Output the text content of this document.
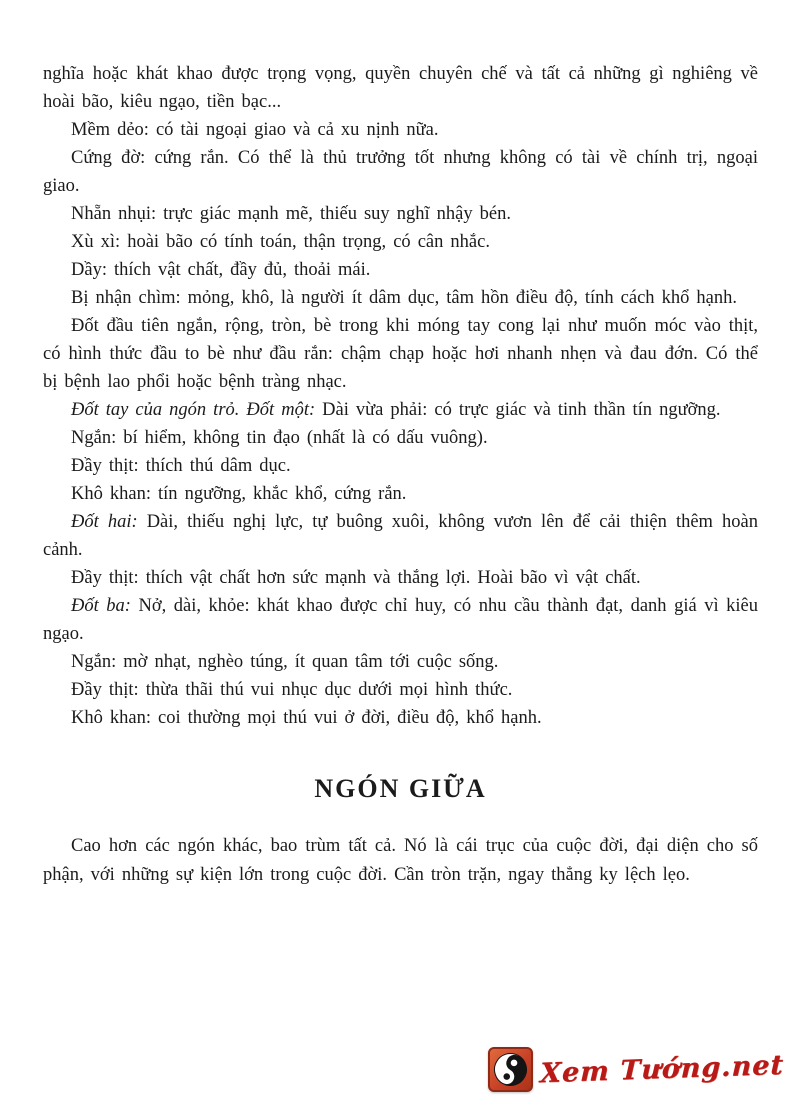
nghĩa hoặc khát khao được trọng vọng, quyền chuyên chế và tất cả những gì nghiêng về hoài bão, kiêu ngạo, tiền bạc...

Mềm dẻo: có tài ngoại giao và cả xu nịnh nữa.

Cứng đờ: cứng rắn. Có thể là thủ trưởng tốt nhưng không có tài về chính trị, ngoại giao.

Nhẵn nhụi: trực giác mạnh mẽ, thiếu suy nghĩ nhậy bén.

Xù xì: hoài bão có tính toán, thận trọng, có cân nhắc.

Dầy: thích vật chất, đầy đủ, thoải mái.

Bị nhận chìm: mỏng, khô, là người ít dâm dục, tâm hồn điều độ, tính cách khổ hạnh.

Đốt đầu tiên ngắn, rộng, tròn, bè trong khi móng tay cong lại như muốn móc vào thịt, có hình thức đầu to bè như đầu rắn: chậm chạp hoặc hơi nhanh nhẹn và đau đớn. Có thể bị bệnh lao phổi hoặc bệnh tràng nhạc.

Đốt tay của ngón trỏ. Đốt một: Dài vừa phải: có trực giác và tinh thần tín ngưỡng.

Ngắn: bí hiểm, không tin đạo (nhất là có dấu vuông).

Đầy thịt: thích thú dâm dục.

Khô khan: tín ngưỡng, khắc khổ, cứng rắn.

Đốt hai: Dài, thiếu nghị lực, tự buông xuôi, không vươn lên để cải thiện thêm hoàn cảnh.

Đầy thịt: thích vật chất hơn sức mạnh và thắng lợi. Hoài bão vì vật chất.

Đốt ba: Nở, dài, khỏe: khát khao được chỉ huy, có nhu cầu thành đạt, danh giá vì kiêu ngạo.

Ngắn: mờ nhạt, nghèo túng, ít quan tâm tới cuộc sống.

Đầy thịt: thừa thãi thú vui nhục dục dưới mọi hình thức.

Khô khan: coi thường mọi thú vui ở đời, điều độ, khổ hạnh.

NGÓN GIỮA

Cao hơn các ngón khác, bao trùm tất cả. Nó là cái trục của cuộc đời, đại diện cho số phận, với những sự kiện lớn trong cuộc đời. Cần tròn trặn, ngay thẳng ky lệch lẹo.

Xem Tướng.net
